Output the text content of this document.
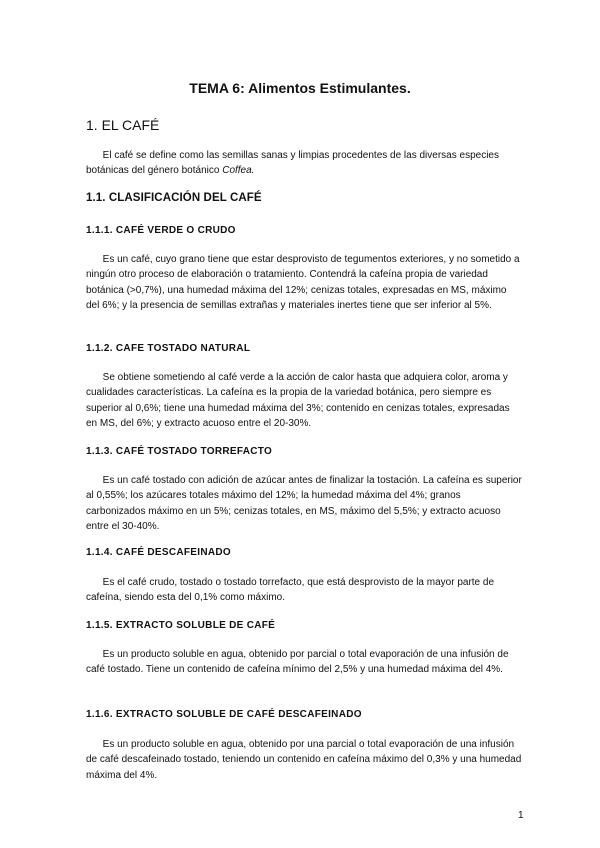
TEMA 6: Alimentos Estimulantes.
1. EL CAFÉ

El café se define como las semillas sanas y limpias procedentes de las diversas especies botánicas del género botánico Coffea.

1.1. CLASIFICACIÓN DEL CAFÉ
1.1.1. CAFÉ VERDE O CRUDO

Es un café, cuyo grano tiene que estar desprovisto de tegumentos exteriores, y no sometido a ningún otro proceso de elaboración o tratamiento. Contendrá la cafeína propia de variedad botánica (>0,7%), una humedad máxima del 12%; cenizas totales, expresadas en MS, máximo del 6%; y la presencia de semillas extrañas y materiales inertes tiene que ser inferior al 5%.

1.1.2. CAFE TOSTADO NATURAL

Se obtiene sometiendo al café verde a la acción de calor hasta que adquiera color, aroma y cualidades características. La cafeína es la propia de la variedad botánica, pero siempre es superior al 0,6%; tiene una humedad máxima del 3%; contenido en cenizas totales, expresadas en MS, del 6%; y extracto acuoso entre el 20-30%.

1.1.3. CAFÉ TOSTADO TORREFACTO

Es un café tostado con adición de azúcar antes de finalizar la tostación. La cafeína es superior al 0,55%; los azúcares totales máximo del 12%; la humedad máxima del 4%; granos carbonizados máximo en un 5%; cenizas totales, en MS, máximo del 5,5%; y extracto acuoso entre el 30-40%.

1.1.4. CAFÉ DESCAFEINADO

Es el café crudo, tostado o tostado torrefacto, que está desprovisto de la mayor parte de cafeína, siendo esta del 0,1% como máximo.

1.1.5. EXTRACTO SOLUBLE DE CAFÉ

Es un producto soluble en agua, obtenido por parcial o total evaporación de una infusión de café tostado. Tiene un contenido de cafeína mínimo del 2,5% y una humedad máxima del 4%.

1.1.6. EXTRACTO SOLUBLE DE CAFÉ DESCAFEINADO

Es un producto soluble en agua, obtenido por una parcial o total evaporación de una infusión de café descafeinado tostado, teniendo un contenido en cafeína máximo del 0,3% y una humedad máxima del 4%.

1
